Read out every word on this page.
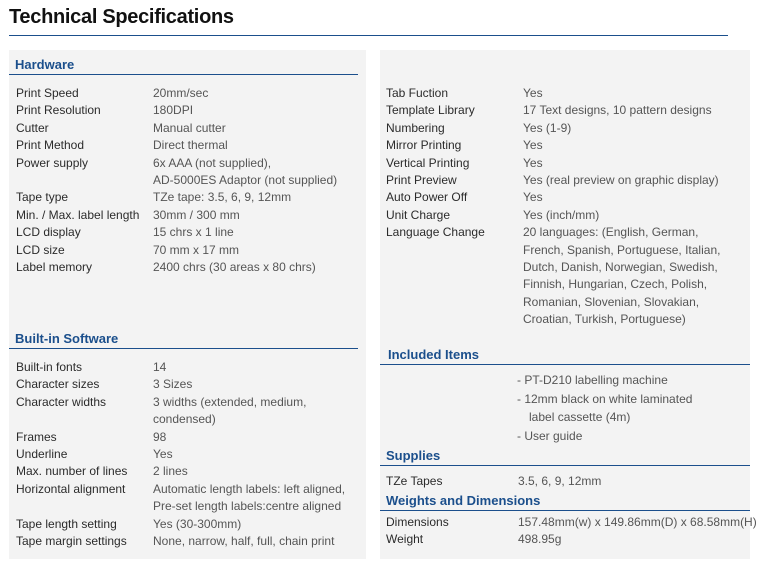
Technical Specifications
Hardware
Print Speed	20mm/sec
Print Resolution	180DPI
Cutter	Manual cutter
Print Method	Direct thermal
Power supply	6x AAA (not supplied),
AD-5000ES Adaptor (not supplied)
Tape type	TZe tape: 3.5, 6, 9, 12mm
Min. / Max. label length 30mm / 300 mm
LCD display	15 chrs x 1 line
LCD size	70 mm x 17 mm
Label memory	2400 chrs (30 areas x 80 chrs)
Built-in Software
Built-in fonts	14
Character sizes	3 Sizes
Character widths	3 widths (extended, medium,
condensed)
Frames	98
Underline	Yes
Max. number of lines 2 lines
Horizontal alignment Automatic length labels: left aligned,
Pre-set length labels:centre aligned
Tape length setting	Yes (30-300mm)
Tape margin settings None, narrow, half, full, chain print
Tab Fuction	Yes
Template Library	17 Text designs, 10 pattern designs
Numbering	Yes (1-9)
Mirror Printing	Yes
Vertical Printing	Yes
Print Preview	Yes (real preview on graphic display)
Auto Power Off	Yes
Unit Charge	Yes (inch/mm)
Language Change	20 languages: (English, German,
French, Spanish, Portuguese, Italian,
Dutch, Danish, Norwegian, Swedish,
Finnish, Hungarian, Czech, Polish,
Romanian, Slovenian, Slovakian,
Croatian, Turkish, Portuguese)
Included Items
- PT-D210 labelling machine
- 12mm black on white laminated
label cassette (4m)
- User guide
Supplies
TZe Tapes	3.5, 6, 9, 12mm
Weights and Dimensions
Dimensions	157.48mm(w) x 149.86mm(D) x 68.58mm(H)
Weight	498.95g
